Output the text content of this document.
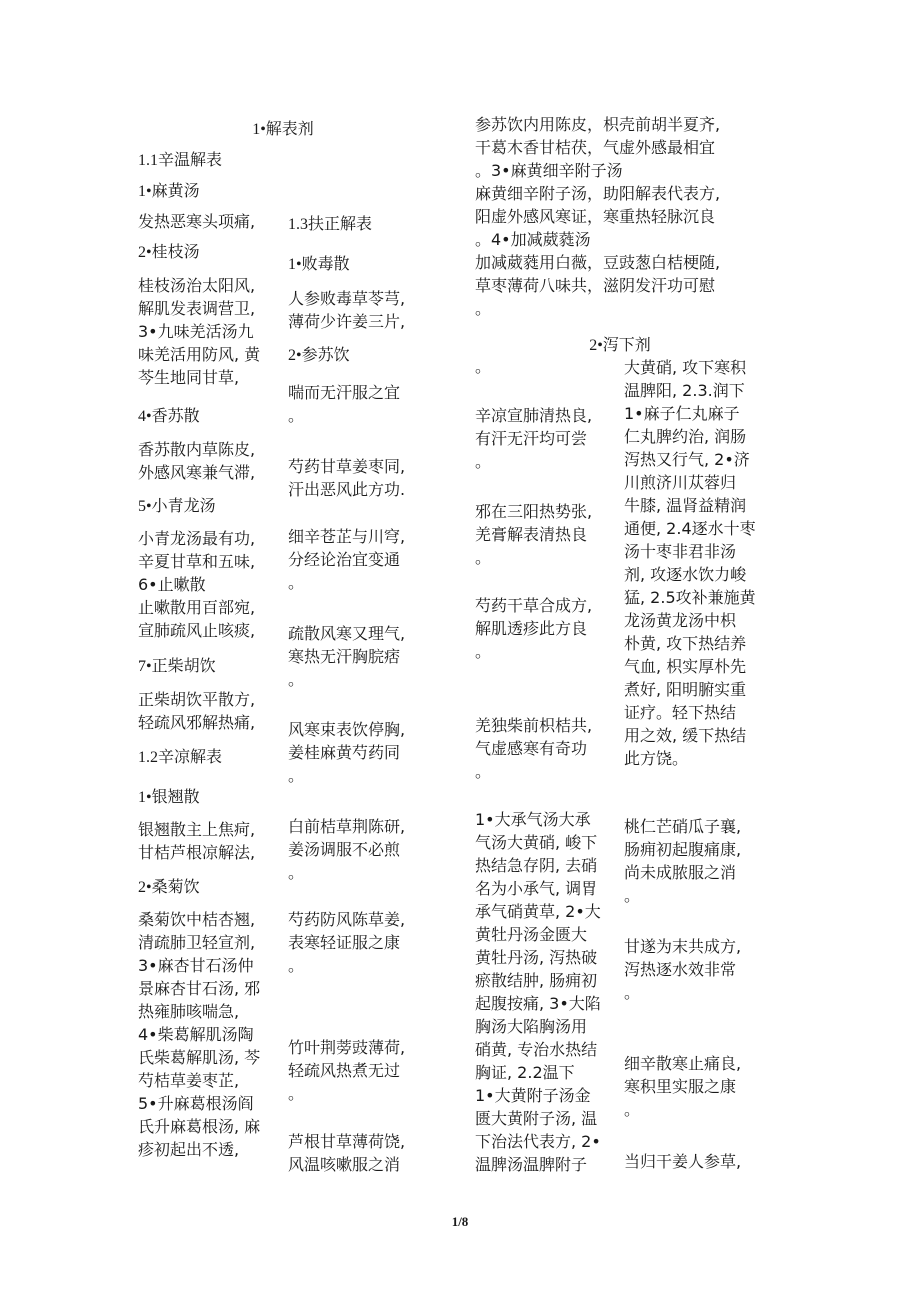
1•解表剂
1.1辛温解表
1•麻黄汤
发热恶寒头项痛,
2•桂枝汤
桂枝汤治太阳风,
解肌发表调营卫,
3•九味羌活汤九
味羌活用防风, 黄
芩生地同甘草,
4•香苏散
香苏散内草陈皮,
外感风寒兼气滞,
5•小青龙汤
小青龙汤最有功,
辛夏甘草和五味,
6•止嗽散
止嗽散用百部宛,
宣肺疏风止咳痰,
7•正柴胡饮
正柴胡饮平散方,
轻疏风邪解热痛,
1.2辛凉解表
1•银翘散
银翘散主上焦疴,
甘桔芦根凉解法,
2•桑菊饮
桑菊饮中桔杏翘,
清疏肺卫轻宣剂,
3•麻杏甘石汤仲
景麻杏甘石汤, 邪
热雍肺咳喘急,
4•柴葛解肌汤陶
氏柴葛解肌汤, 芩
芍桔草姜枣芷,
5•升麻葛根汤阎
氏升麻葛根汤, 麻
疹初起出不透,
1.3扶正解表
1•败毒散
人参败毒草苓芎,
薄荷少许姜三片,
2•参苏饮
喘而无汗服之宜
。
芍药甘草姜枣同,
汗出恶风此方功.
细辛苍芷与川穹,
分经论治宜变通
。
疏散风寒又理气,
寒热无汗胸脘痞
。
风寒束表饮停胸,
姜桂麻黄芍药同
。
白前桔草荆陈研,
姜汤调服不必煎
。
芍药防风陈草姜,
表寒轻证服之康
。
竹叶荆蒡豉薄荷,
轻疏风热煮无过
。
芦根甘草薄荷饶,
风温咳嗽服之消
参苏饮内用陈皮，枳壳前胡半夏齐,
干葛木香甘桔茯，气虚外感最相宜
。3•麻黄细辛附子汤
麻黄细辛附子汤，助阳解表代表方,
阳虚外感风寒证，寒重热轻脉沉良
。4•加减葳蕤汤
加减葳蕤用白薇，豆豉葱白桔梗随,
草枣薄荷八味共，滋阴发汗功可慰
。
2•泻下剂
。
辛凉宣肺清热良,
有汗无汗均可尝
。
邪在三阳热势张,
羌膏解表清热良
。
芍药干草合成方,
解肌透疹此方良
。
羌独柴前枳桔共,
气虚感寒有奇功
。
1•大承气汤大承
气汤大黄硝, 峻下
热结急存阴, 去硝
名为小承气, 调胃
承气硝黄草, 2•大
黄牡丹汤金匮大
黄牡丹汤, 泻热破
瘀散结肿, 肠痈初
起腹按痛, 3•大陷
胸汤大陷胸汤用
硝黄, 专治水热结
胸证, 2.2温下
1•大黄附子汤金
匮大黄附子汤, 温
下治法代表方, 2•
温脾汤温脾附子
大黄硝, 攻下寒积
温脾阳, 2.3.润下
1•麻子仁丸麻子
仁丸脾约治, 润肠
泻热又行气, 2•济
川煎济川苁蓉归
牛膝, 温肾益精润
通便, 2.4逐水十枣
汤十枣非君非汤
剂, 攻逐水饮力峻
猛, 2.5攻补兼施黄
龙汤黄龙汤中枳
朴黄, 攻下热结养
气血, 枳实厚朴先
煮好, 阳明腑实重
证疗。轻下热结
用之效, 缓下热结
此方饶。
桃仁芒硝瓜子襄,
肠痈初起腹痛康,
尚未成脓服之消
。
甘遂为末共成方,
泻热逐水效非常
。
细辛散寒止痛良,
寒积里实服之康
。
当归干姜人参草,
1/8
